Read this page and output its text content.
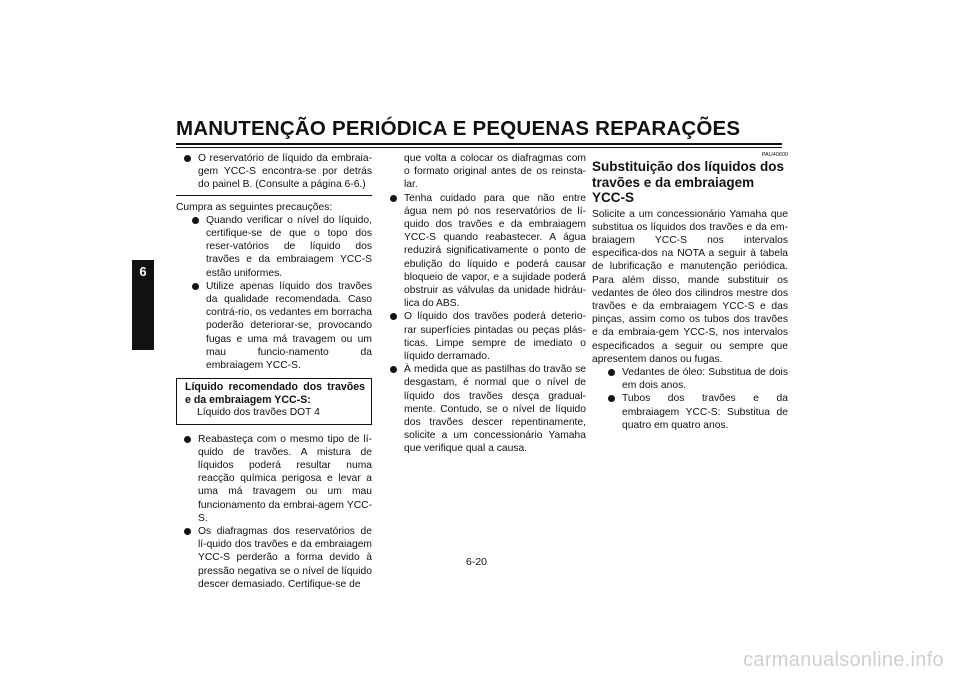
MANUTENÇÃO PERIÓDICA E PEQUENAS REPARAÇÕES
6
O reservatório de líquido da embraia-gem YCC-S encontra-se por detrás do painel B. (Consulte a página 6-6.)

Cumpra as seguintes precauções:

Quando verificar o nível do líquido, certifique-se de que o topo dos reser-vatórios de líquido dos travões e da embraiagem YCC-S estão uniformes.
Utilize apenas líquido dos travões da qualidade recomendada. Caso contrá-rio, os vedantes em borracha poderão deteriorar-se, provocando fugas e uma má travagem ou um mau funcio-namento da embraiagem YCC-S.
Líquido recomendado dos travões e da embraiagem YCC-S:
Líquido dos travões DOT 4
Reabasteça com o mesmo tipo de lí-quido de travões. A mistura de líquidos poderá resultar numa reacção química perigosa e levar a uma má travagem ou um mau funcionamento da embrai-agem YCC-S.
Os diafragmas dos reservatórios de lí-quido dos travões e da embraiagem YCC-S perderão a forma devido à pressão negativa se o nível de líquido descer demasiado. Certifique-se de
que volta a colocar os diafragmas com o formato original antes de os reinsta-lar.
Tenha cuidado para que não entre água nem pó nos reservatórios de lí-quido dos travões e da embraiagem YCC-S quando reabastecer. A água reduzirá significativamente o ponto de ebulição do líquido e poderá causar bloqueio de vapor, e a sujidade poderá obstruir as válvulas da unidade hidráu-lica do ABS.
O líquido dos travões poderá deterio-rar superfícies pintadas ou peças plás-ticas. Limpe sempre de imediato o líquido derramado.
À medida que as pastilhas do travão se desgastam, é normal que o nível de líquido dos travões desça gradual-mente. Contudo, se o nível de líquido dos travões descer repentinamente, solicite a um concessionário Yamaha que verifique qual a causa.
PAU40600
Substituição dos líquidos dos travões e da embraiagem YCC-S

Solicite a um concessionário Yamaha que substitua os líquidos dos travões e da em-braiagem YCC-S nos intervalos especifica-dos na NOTA a seguir à tabela de lubrificação e manutenção periódica. Para além disso, mande substituir os vedantes de óleo dos cilindros mestre dos travões e da embraiagem YCC-S e das pinças, assim como os tubos dos travões e da embraia-gem YCC-S, nos intervalos especificados a seguir ou sempre que apresentem danos ou fugas.

Vedantes de óleo: Substitua de dois em dois anos.
Tubos dos travões e da embraiagem YCC-S: Substitua de quatro em quatro anos.
6-20
carmanualsonline.info
